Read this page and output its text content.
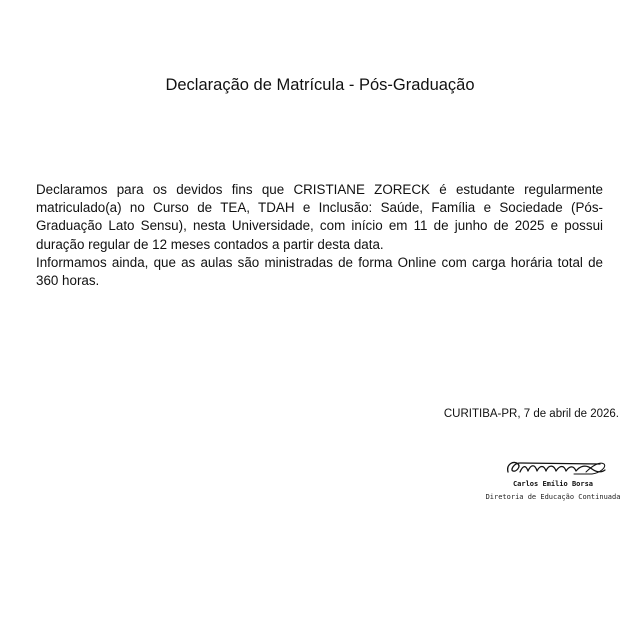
Declaração de Matrícula - Pós-Graduação

Declaramos para os devidos fins que CRISTIANE ZORECK é estudante regularmente matriculado(a) no Curso de TEA, TDAH e Inclusão: Saúde, Família e Sociedade (Pós-Graduação Lato Sensu), nesta Universidade, com início em 11 de junho de 2025 e possui duração regular de 12 meses contados a partir desta data.

Informamos ainda, que as aulas são ministradas de forma Online com carga horária total de 360 horas.

CURITIBA-PR, 7 de abril de 2026.
Carlos Emílio Borsa
Diretoria de Educação Continuada
